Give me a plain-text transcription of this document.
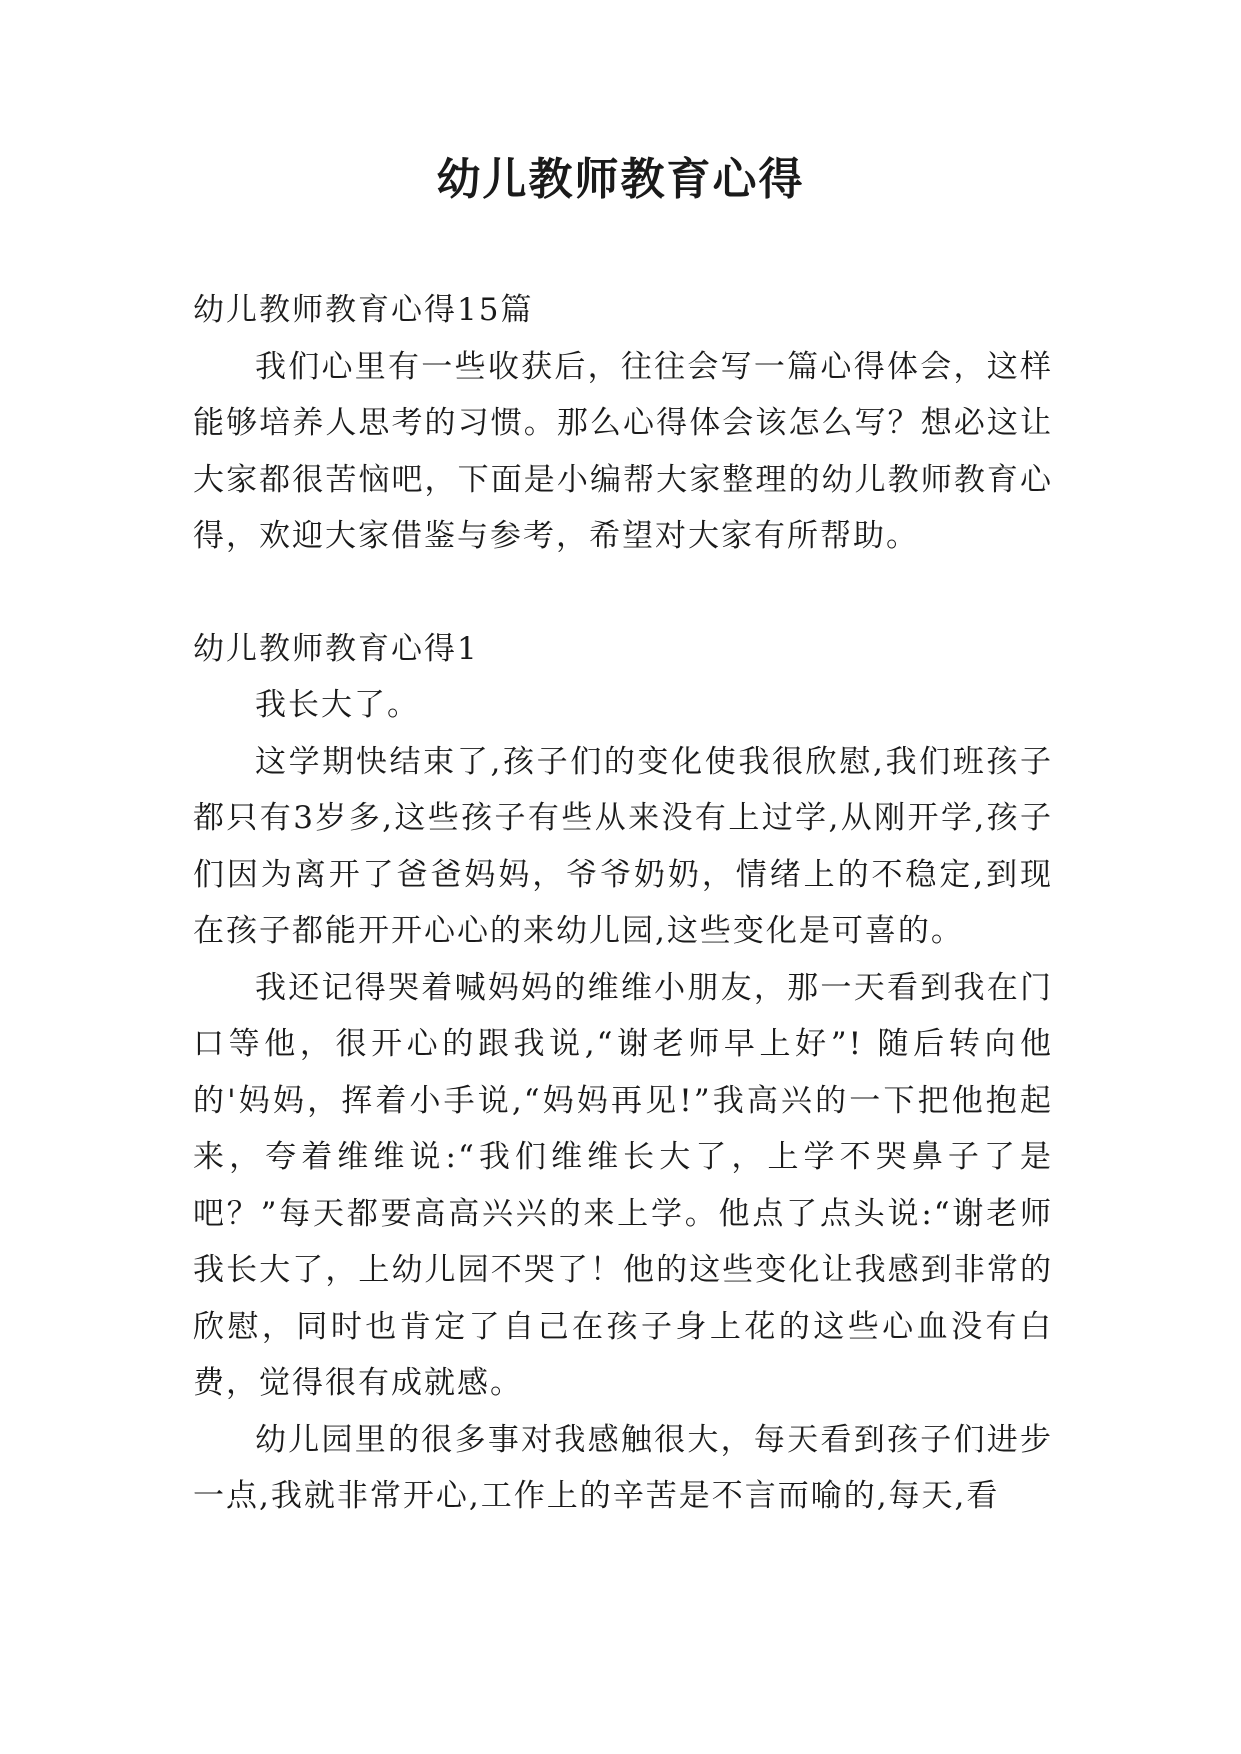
幼儿教师教育心得

幼儿教师教育心得15篇

我们心里有一些收获后，往往会写一篇心得体会，这样能够培养人思考的习惯。那么心得体会该怎么写？想必这让大家都很苦恼吧，下面是小编帮大家整理的幼儿教师教育心得，欢迎大家借鉴与参考，希望对大家有所帮助。

幼儿教师教育心得1

我长大了。

这学期快结束了,孩子们的变化使我很欣慰,我们班孩子都只有3岁多,这些孩子有些从来没有上过学,从刚开学,孩子们因为离开了爸爸妈妈，爷爷奶奶，情绪上的不稳定,到现在孩子都能开开心心的来幼儿园,这些变化是可喜的。

我还记得哭着喊妈妈的维维小朋友，那一天看到我在门口等他，很开心的跟我说,“谢老师早上好”! 随后转向他的'妈妈，挥着小手说,“妈妈再见!”我高兴的一下把他抱起来，夸着维维说:“我们维维长大了，上学不哭鼻子了是吧？”每天都要高高兴兴的来上学。他点了点头说:“谢老师我长大了，上幼儿园不哭了！他的这些变化让我感到非常的欣慰，同时也肯定了自己在孩子身上花的这些心血没有白费，觉得很有成就感。

幼儿园里的很多事对我感触很大，每天看到孩子们进步一点,我就非常开心,工作上的辛苦是不言而喻的,每天,看
